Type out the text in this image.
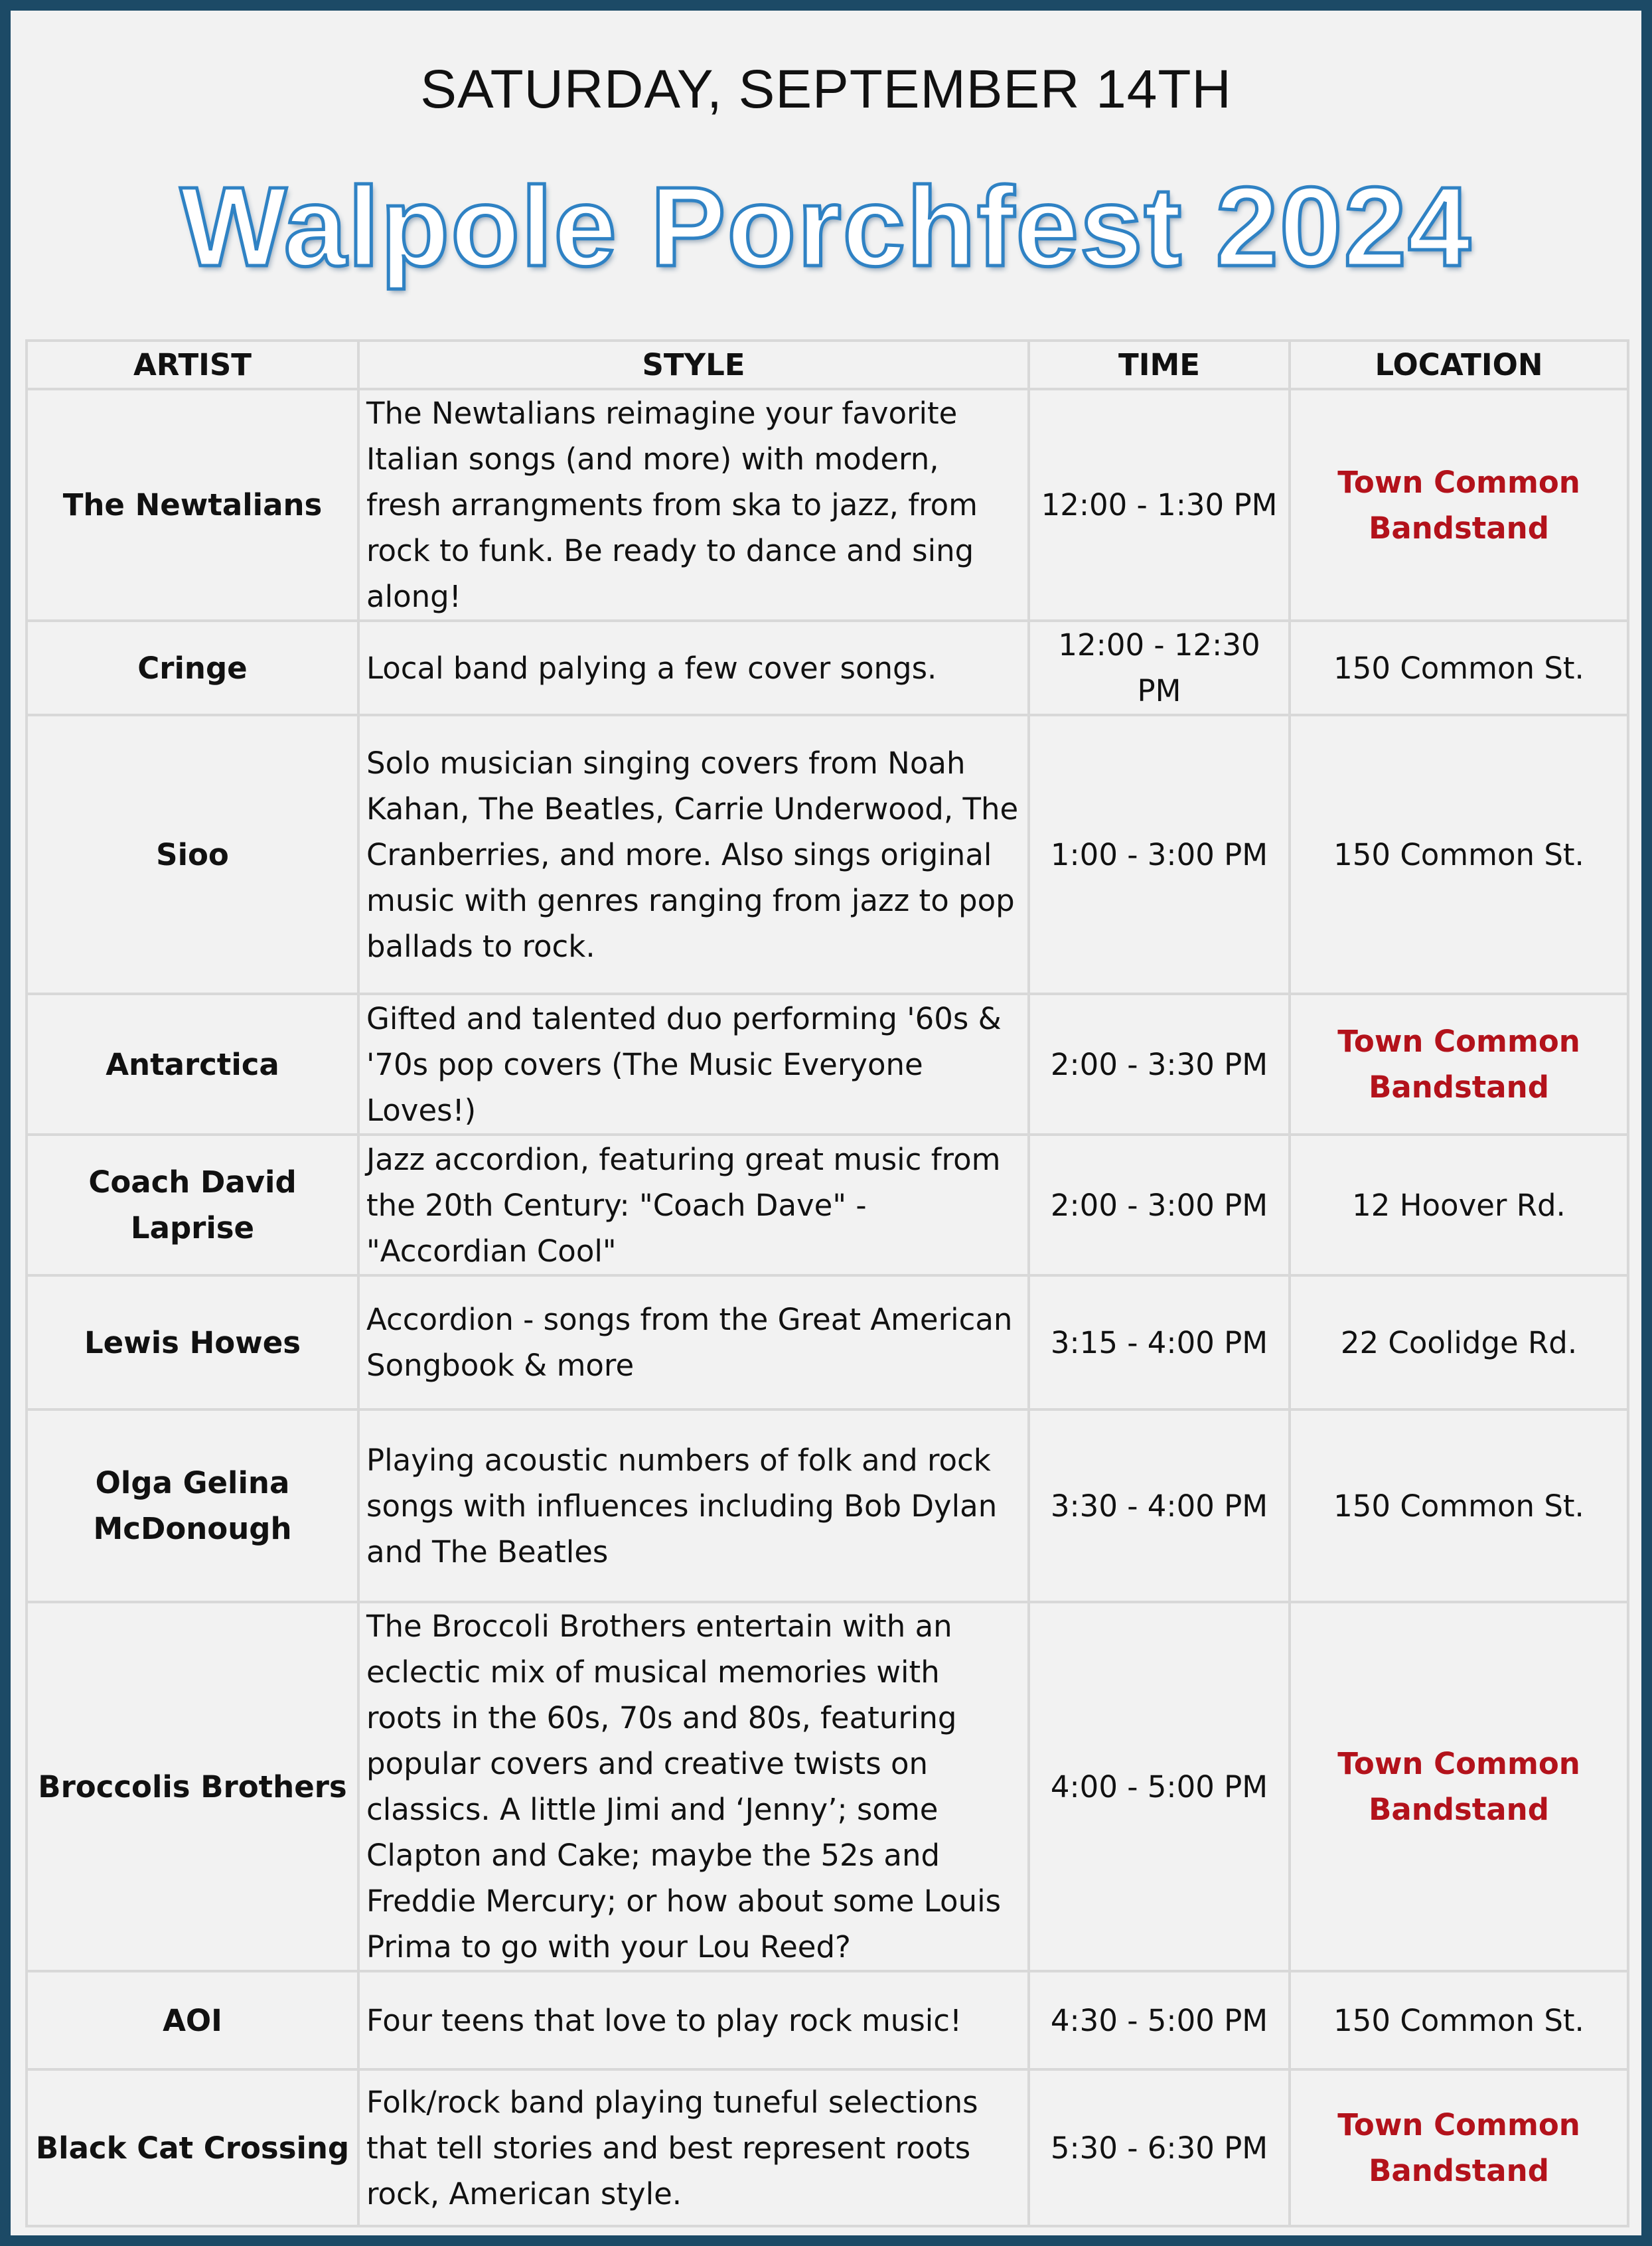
SATURDAY, SEPTEMBER 14TH
Walpole Porchfest 2024
ARTIST	STYLE	TIME	LOCATION
The Newtalians	The Newtalians reimagine your favorite Italian songs (and more) with modern, fresh arrangments from ska to jazz, from rock to funk. Be ready to dance and sing along!	12:00 - 1:30 PM	Town Common Bandstand
Cringe	Local band palying a few cover songs.	12:00 - 12:30 PM	150 Common St.
Sioo	Solo musician singing covers from Noah Kahan, The Beatles, Carrie Underwood, The Cranberries, and more. Also sings original music with genres ranging from jazz to pop ballads to rock.	1:00 - 3:00 PM	150 Common St.
Antarctica	Gifted and talented duo performing '60s & '70s pop covers (The Music Everyone Loves!)	2:00 - 3:30 PM	Town Common Bandstand
Coach David Laprise	Jazz accordion, featuring great music from the 20th Century: "Coach Dave" - "Accordian Cool"	2:00 - 3:00 PM	12 Hoover Rd.
Lewis Howes	Accordion - songs from the Great American Songbook & more	3:15 - 4:00 PM	22 Coolidge Rd.
Olga Gelina McDonough	Playing acoustic numbers of folk and rock songs with influences including Bob Dylan and The Beatles	3:30 - 4:00 PM	150 Common St.
Broccolis Brothers	The Broccoli Brothers entertain with an eclectic mix of musical memories with roots in the 60s, 70s and 80s, featuring popular covers and creative twists on classics. A little Jimi and ‘Jenny’; some Clapton and Cake; maybe the 52s and Freddie Mercury; or how about some Louis Prima to go with your Lou Reed?	4:00 - 5:00 PM	Town Common Bandstand
AOI	Four teens that love to play rock music!	4:30 - 5:00 PM	150 Common St.
Black Cat Crossing	Folk/rock band playing tuneful selections that tell stories and best represent roots rock, American style.	5:30 - 6:30 PM	Town Common Bandstand
